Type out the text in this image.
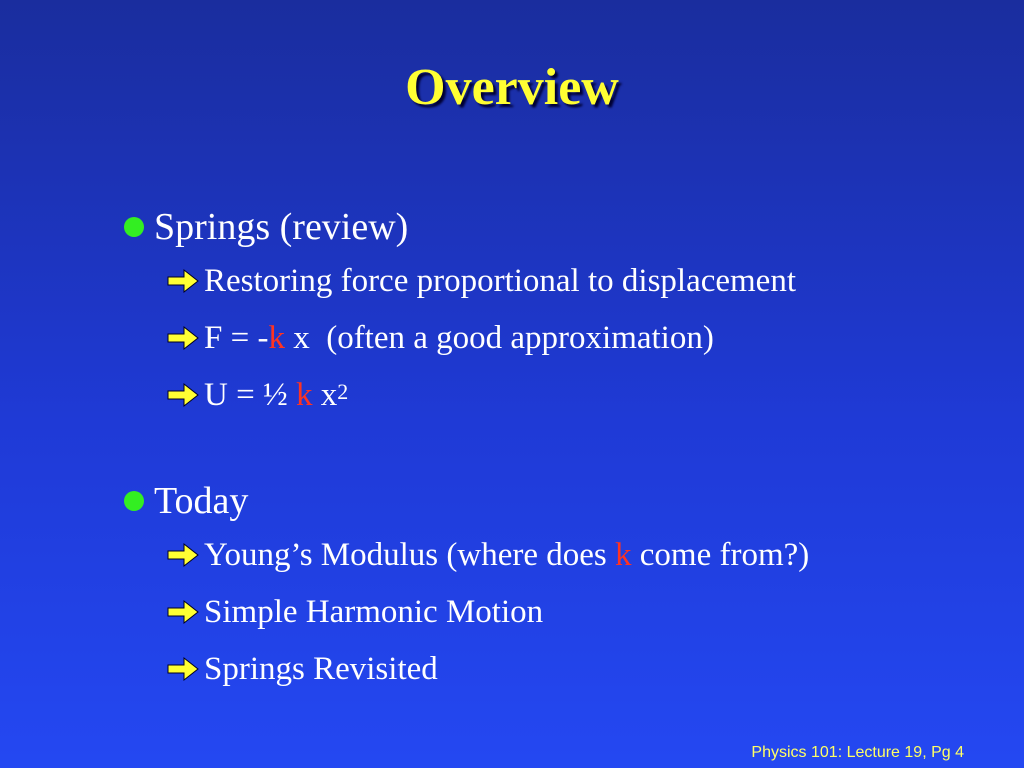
Overview
Springs (review)
Restoring force proportional to displacement
F = - k x  (often a good approximation)
U = ½ k $x^2$
Today
Young’s Modulus (where does k come from?)
Simple Harmonic Motion
Springs Revisited
Physics 101: Lecture 19, Pg 4
